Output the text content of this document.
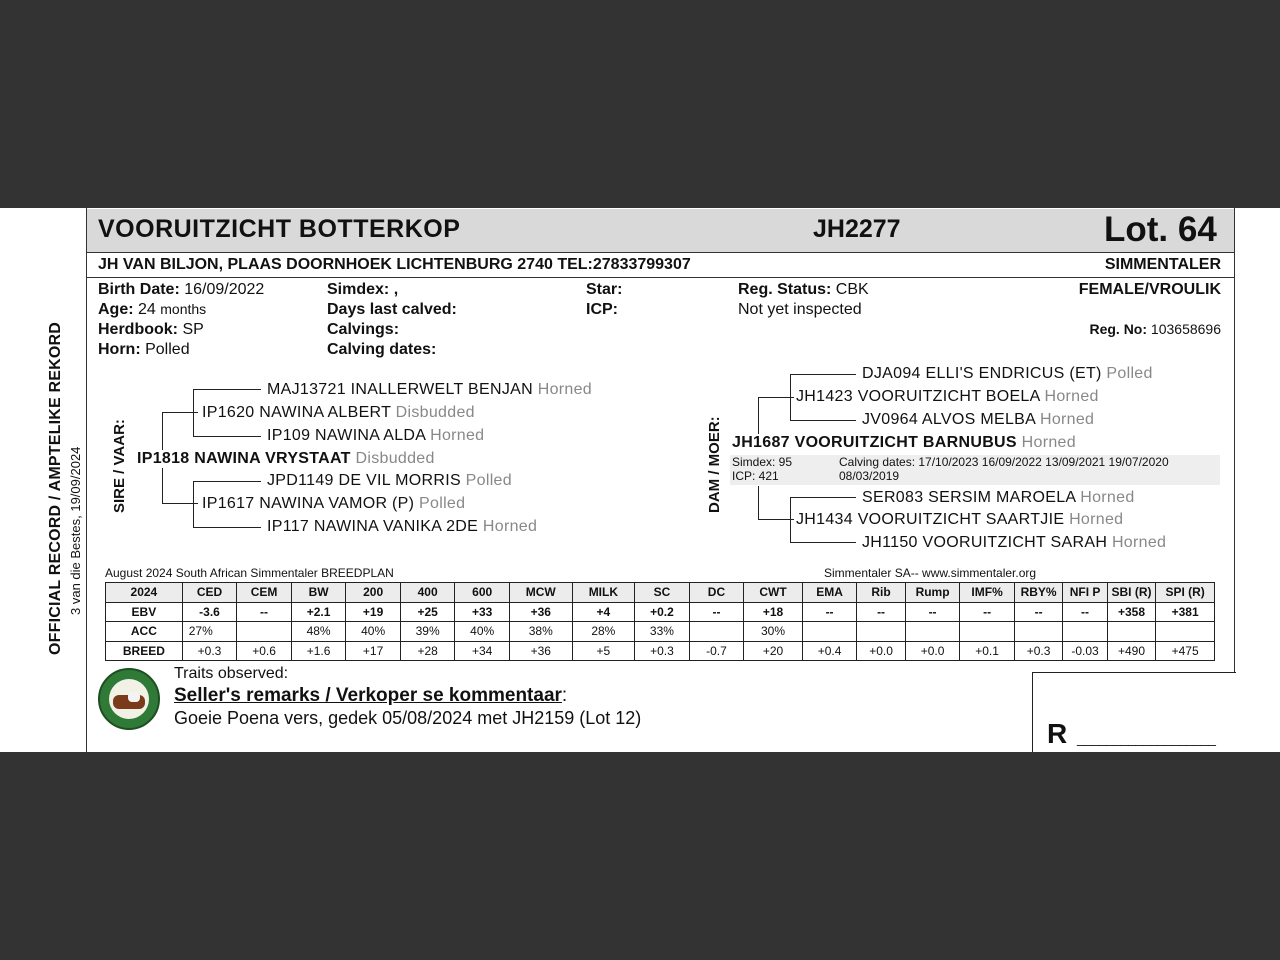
OFFICIAL RECORD / AMPTELIKE REKORD 3 van die Bestes, 19/09/2024
VOORUITZICHT BOTTERKOP	JH2277	Lot. 64
JH VAN BILJON, PLAAS DOORNHOEK LICHTENBURG 2740 TEL:27833799307	SIMMENTALER
Birth Date: 16/09/2022
Age: 24 months
Herdbook: SP
Horn: Polled
Simdex: ,
Days last calved:
Calvings:
Calving dates:
Star:
ICP:
Reg. Status: CBK
Not yet inspected
FEMALE/VROULIK
Reg. No: 103658696
SIRE / VAAR:
MAJ13721 INALLERWELT BENJAN Horned
IP1620 NAWINA ALBERT Disbudded
IP109 NAWINA ALDA Horned
IP1818 NAWINA VRYSTAAT Disbudded
JPD1149 DE VIL MORRIS Polled
IP1617 NAWINA VAMOR (P) Polled
IP117 NAWINA VANIKA 2DE Horned
DAM / MOER:
DJA094 ELLI'S ENDRICUS (ET) Polled
JH1423 VOORUITZICHT BOELA Horned
JV0964 ALVOS MELBA Horned
JH1687 VOORUITZICHT BARNUBUS Horned
Simdex: 95
ICP: 421
Calving dates: 17/10/2023 16/09/2022 13/09/2021 19/07/2020
08/03/2019
SER083 SERSIM MAROELA Horned
JH1434 VOORUITZICHT SAARTJIE Horned
JH1150 VOORUITZICHT SARAH Horned
August 2024 South African Simmentaler BREEDPLAN	Simmentaler SA-- www.simmentaler.org
2024	CED	CEM	BW	200	400	600	MCW	MILK	SC	DC	CWT	EMA	Rib	Rump	IMF%	RBY%	NFI P	SBI (R)	SPI (R)
EBV	-3.6	--	+2.1	+19	+25	+33	+36	+4	+0.2	--	+18	--	--	--	--	--	--	+358	+381
ACC	27%		48%	40%	39%	40%	38%	28%	33%		30%								
BREED	+0.3	+0.6	+1.6	+17	+28	+34	+36	+5	+0.3	-0.7	+20	+0.4	+0.0	+0.0	+0.1	+0.3	-0.03	+490	+475
Traits observed:
Seller's remarks / Verkoper se kommentaar:
Goeie Poena vers, gedek 05/08/2024 met JH2159 (Lot 12)	R ___________________
